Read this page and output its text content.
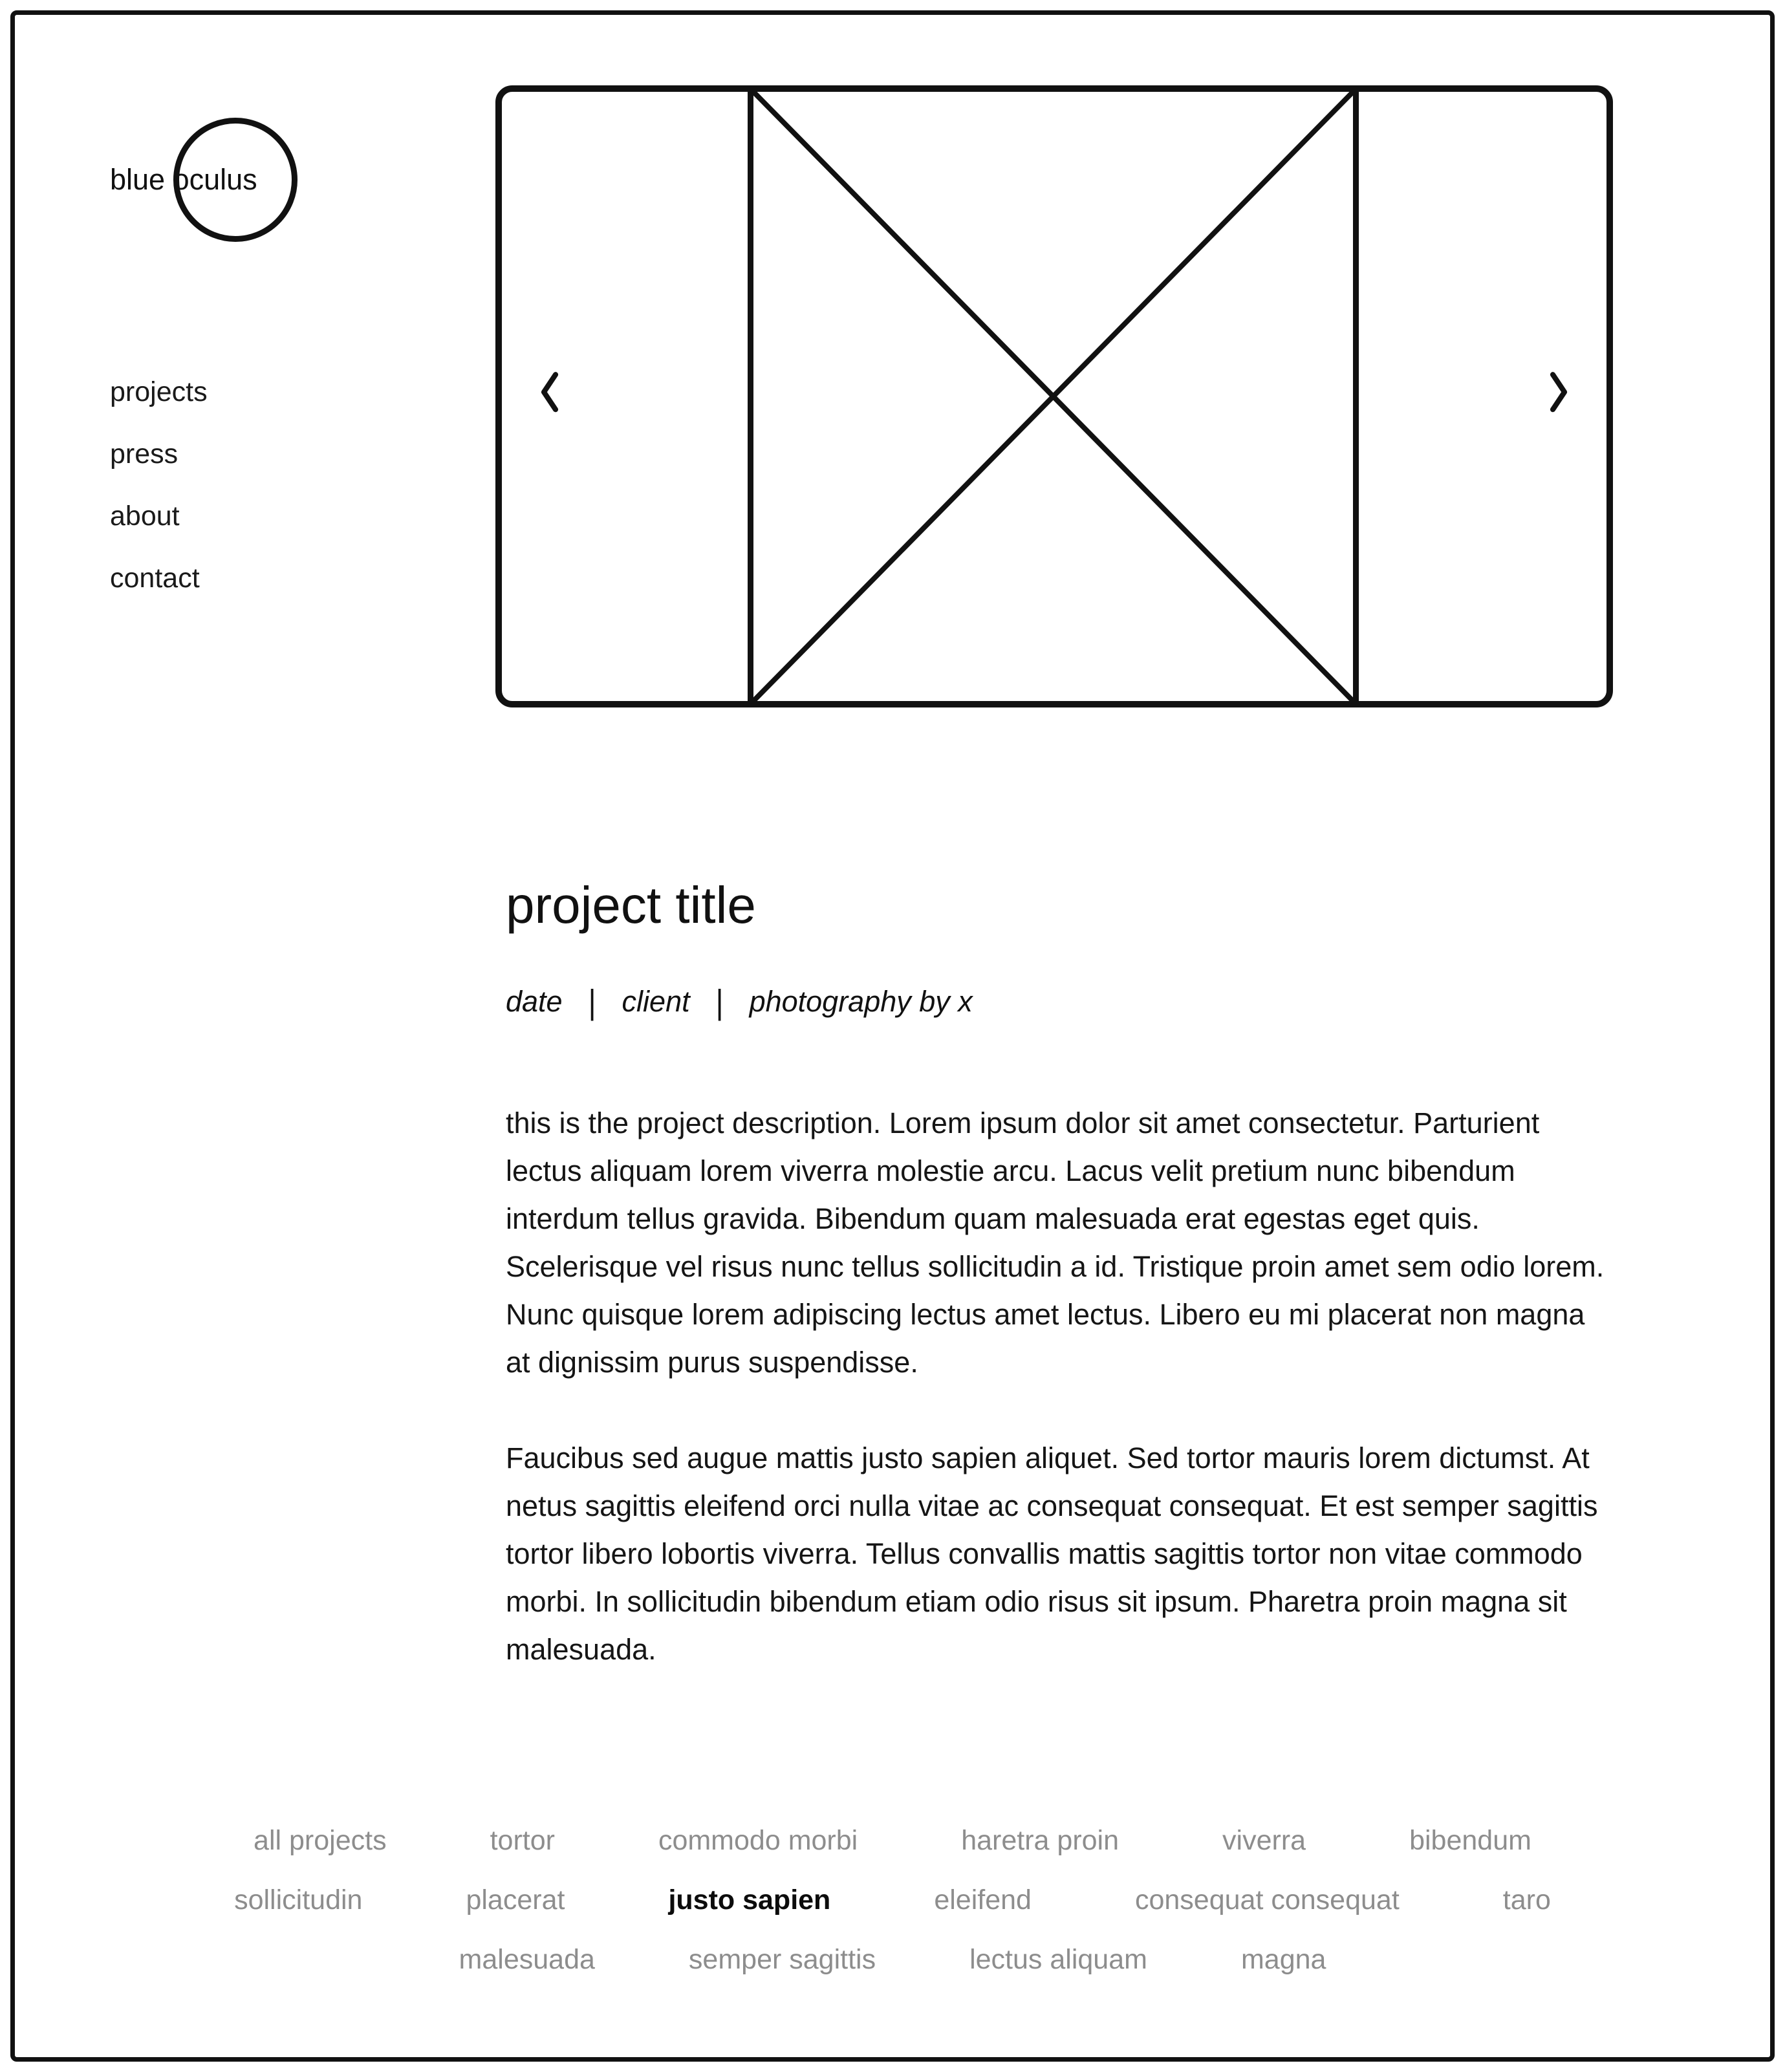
blue oculus
projects
press
about
contact
project title
date | client | photography by x

this is the project description. Lorem ipsum dolor sit amet consectetur. Parturient lectus aliquam lorem viverra molestie arcu. Lacus velit pretium nunc bibendum interdum tellus gravida. Bibendum quam malesuada erat egestas eget quis. Scelerisque vel risus nunc tellus sollicitudin a id. Tristique proin amet sem odio lorem. Nunc quisque lorem adipiscing lectus amet lectus. Libero eu mi placerat non magna at dignissim purus suspendisse.

Faucibus sed augue mattis justo sapien aliquet. Sed tortor mauris lorem dictumst. At netus sagittis eleifend orci nulla vitae ac consequat consequat. Et est semper sagittis tortor libero lobortis viverra. Tellus convallis mattis sagittis tortor non vitae commodo morbi. In sollicitudin bibendum etiam odio risus sit ipsum. Pharetra proin magna sit malesuada.

all projects	tortor	commodo morbi	haretra proin	viverra	bibendum
sollicitudin	placerat	justo sapien	eleifend	consequat consequat	taro
malesuada	semper sagittis	lectus aliquam	magna
